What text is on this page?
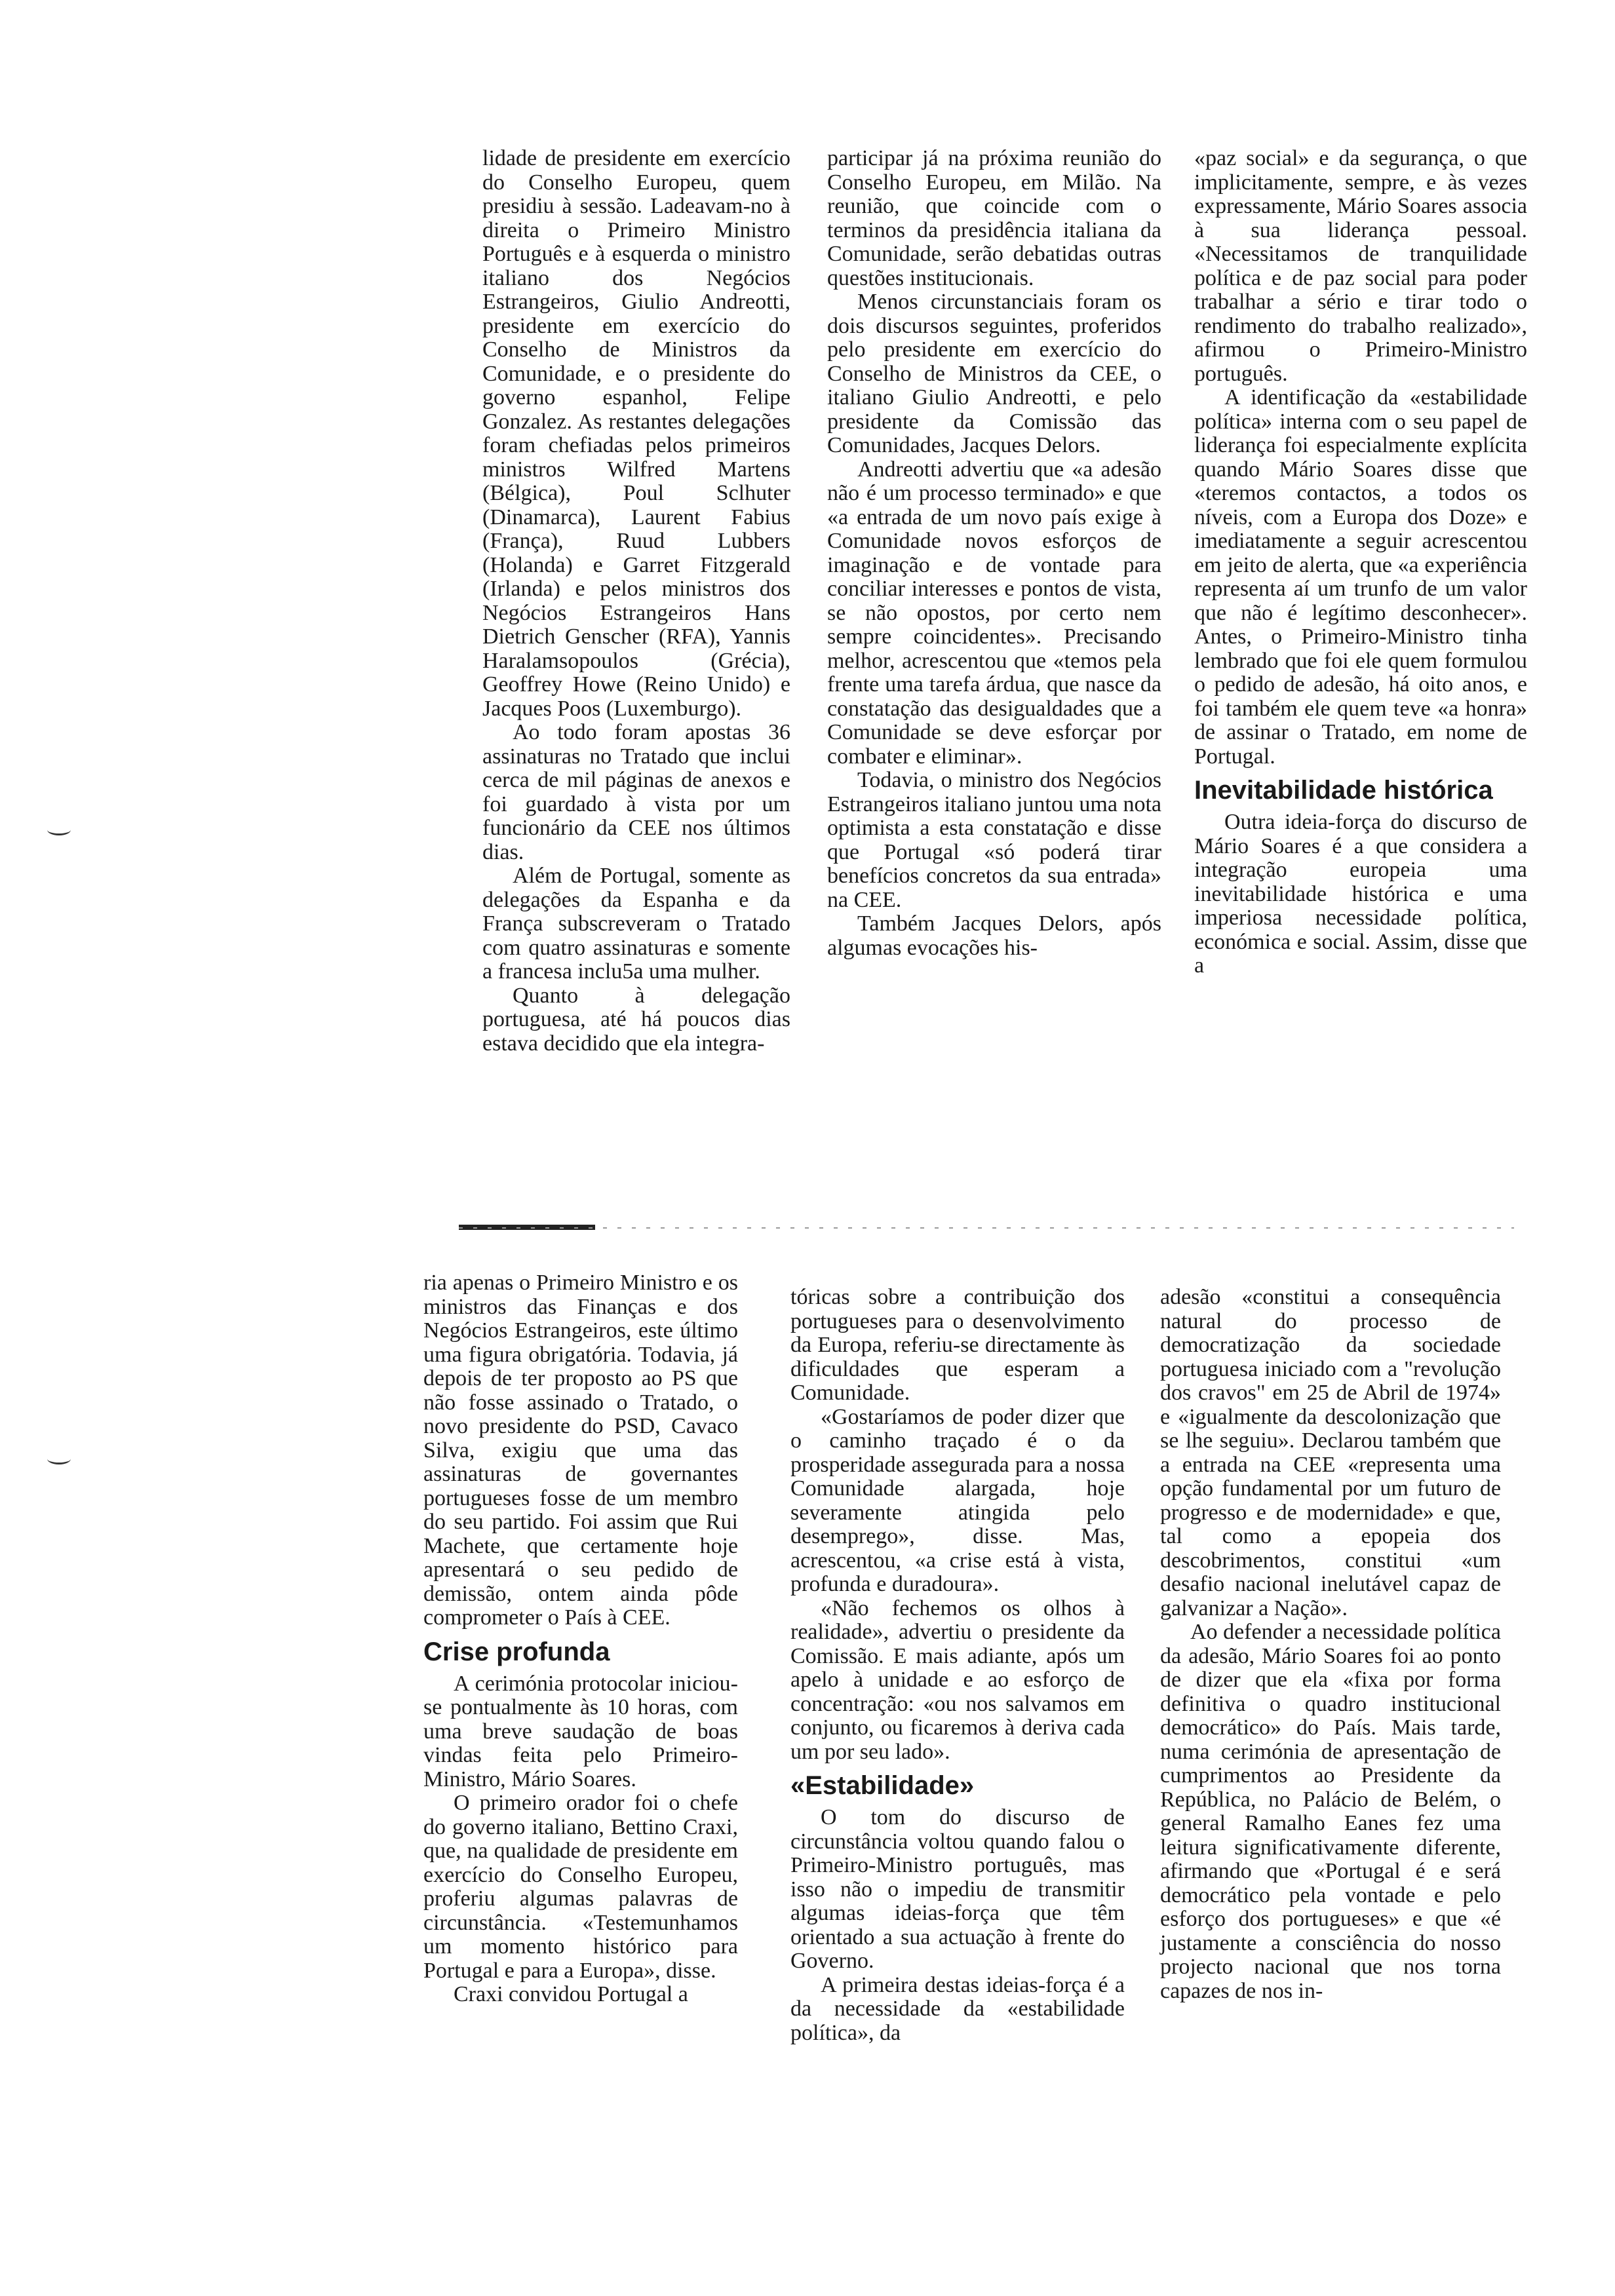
lidade de presidente em exercício do Conselho Europeu, quem presidiu à sessão. Ladeavam-no à direita o Primeiro Ministro Português e à esquerda o ministro italiano dos Negócios Estrangeiros, Giulio Andreotti, presidente em exercício do Conselho de Ministros da Comunidade, e o presidente do governo espanhol, Felipe Gonzalez. As restantes delegações foram chefiadas pelos primeiros ministros Wilfred Martens (Bélgica), Poul Sclhuter (Dinamarca), Laurent Fabius (França), Ruud Lubbers (Holanda) e Garret Fitzgerald (Irlanda) e pelos ministros dos Negócios Estrangeiros Hans Dietrich Genscher (RFA), Yannis Haralamsopoulos (Grécia), Geoffrey Howe (Reino Unido) e Jacques Poos (Luxemburgo).

Ao todo foram apostas 36 assinaturas no Tratado que inclui cerca de mil páginas de anexos e foi guardado à vista por um funcionário da CEE nos últimos dias.

Além de Portugal, somente as delegações da Espanha e da França subscreveram o Tratado com quatro assinaturas e somente a francesa inclu5a uma mulher.

Quanto à delegação portuguesa, até há poucos dias estava decidido que ela integra-

participar já na próxima reunião do Conselho Europeu, em Milão. Na reunião, que coincide com o terminos da presidência italiana da Comunidade, serão debatidas outras questões institucionais.

Menos circunstanciais foram os dois discursos seguintes, proferidos pelo presidente em exercício do Conselho de Ministros da CEE, o italiano Giulio Andreotti, e pelo presidente da Comissão das Comunidades, Jacques Delors.

Andreotti advertiu que «a adesão não é um processo terminado» e que «a entrada de um novo país exige à Comunidade novos esforços de imaginação e de vontade para conciliar interesses e pontos de vista, se não opostos, por certo nem sempre coincidentes». Precisando melhor, acrescentou que «temos pela frente uma tarefa árdua, que nasce da constatação das desigualdades que a Comunidade se deve esforçar por combater e eliminar».

Todavia, o ministro dos Negócios Estrangeiros italiano juntou uma nota optimista a esta constatação e disse que Portugal «só poderá tirar benefícios concretos da sua entrada» na CEE.

Também Jacques Delors, após algumas evocações his-

«paz social» e da segurança, o que implicitamente, sempre, e às vezes expressamente, Mário Soares associa à sua liderança pessoal. «Necessitamos de tranquilidade política e de paz social para poder trabalhar a sério e tirar todo o rendimento do trabalho realizado», afirmou o Primeiro-Ministro português.

A identificação da «estabilidade política» interna com o seu papel de liderança foi especialmente explícita quando Mário Soares disse que «teremos contactos, a todos os níveis, com a Europa dos Doze» e imediatamente a seguir acrescentou em jeito de alerta, que «a experiência representa aí um trunfo de um valor que não é legítimo desconhecer». Antes, o Primeiro-Ministro tinha lembrado que foi ele quem formulou o pedido de adesão, há oito anos, e foi também ele quem teve «a honra» de assinar o Tratado, em nome de Portugal.

Inevitabilidade histórica

Outra ideia-força do discurso de Mário Soares é a que considera a integração europeia uma inevitabilidade histórica e uma imperiosa necessidade política, económica e social. Assim, disse que a

ria apenas o Primeiro Ministro e os ministros das Finanças e dos Negócios Estrangeiros, este último uma figura obrigatória. Todavia, já depois de ter proposto ao PS que não fosse assinado o Tratado, o novo presidente do PSD, Cavaco Silva, exigiu que uma das assinaturas de governantes portugueses fosse de um membro do seu partido. Foi assim que Rui Machete, que certamente hoje apresentará o seu pedido de demissão, ontem ainda pôde comprometer o País à CEE.

Crise profunda

A cerimónia protocolar iniciou-se pontualmente às 10 horas, com uma breve saudação de boas vindas feita pelo Primeiro-Ministro, Mário Soares.

O primeiro orador foi o chefe do governo italiano, Bettino Craxi, que, na qualidade de presidente em exercício do Conselho Europeu, proferiu algumas palavras de circunstância. «Testemunhamos um momento histórico para Portugal e para a Europa», disse.

Craxi convidou Portugal a

tóricas sobre a contribuição dos portugueses para o desenvolvimento da Europa, referiu-se directamente às dificuldades que esperam a Comunidade.

«Gostaríamos de poder dizer que o caminho traçado é o da prosperidade assegurada para a nossa Comunidade alargada, hoje severamente atingida pelo desemprego», disse. Mas, acrescentou, «a crise está à vista, profunda e duradoura».

«Não fechemos os olhos à realidade», advertiu o presidente da Comissão. E mais adiante, após um apelo à unidade e ao esforço de concentração: «ou nos salvamos em conjunto, ou ficaremos à deriva cada um por seu lado».

«Estabilidade»

O tom do discurso de circunstância voltou quando falou o Primeiro-Ministro português, mas isso não o impediu de transmitir algumas ideias-força que têm orientado a sua actuação à frente do Governo.

A primeira destas ideias-força é a da necessidade da «estabilidade política», da

adesão «constitui a consequência natural do processo de democratização da sociedade portuguesa iniciado com a "revolução dos cravos" em 25 de Abril de 1974» e «igualmente da descolonização que se lhe seguiu». Declarou também que a entrada na CEE «representa uma opção fundamental por um futuro de progresso e de modernidade» e que, tal como a epopeia dos descobrimentos, constitui «um desafio nacional inelutável capaz de galvanizar a Nação».

Ao defender a necessidade política da adesão, Mário Soares foi ao ponto de dizer que ela «fixa por forma definitiva o quadro institucional democrático» do País. Mais tarde, numa cerimónia de apresentação de cumprimentos ao Presidente da República, no Palácio de Belém, o general Ramalho Eanes fez uma leitura significativamente diferente, afirmando que «Portugal é e será democrático pela vontade e pelo esforço dos portugueses» e que «é justamente a consciência do nosso projecto nacional que nos torna capazes de nos in-
